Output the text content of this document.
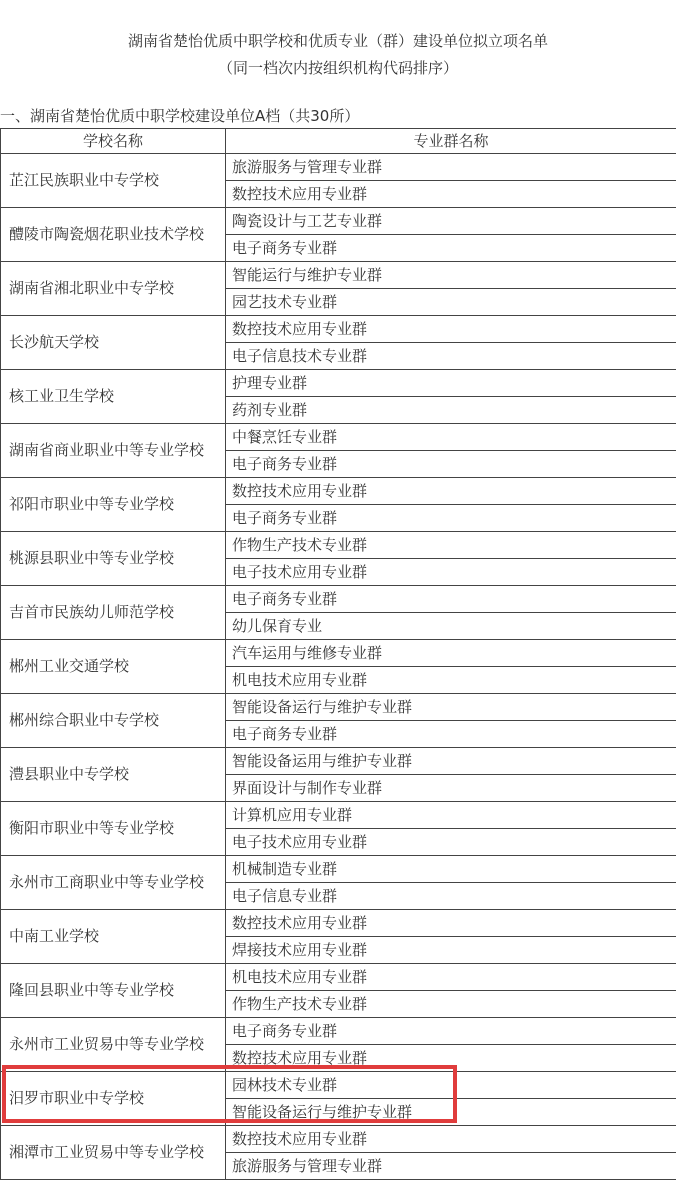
湖南省楚怡优质中职学校和优质专业（群）建设单位拟立项名单
（同一档次内按组织机构代码排序）
一、湖南省楚怡优质中职学校建设单位A档（共30所）
学校名称	专业群名称
芷江民族职业中专学校	旅游服务与管理专业群
	数控技术应用专业群
醴陵市陶瓷烟花职业技术学校	陶瓷设计与工艺专业群
	电子商务专业群
湖南省湘北职业中专学校	智能运行与维护专业群
	园艺技术专业群
长沙航天学校	数控技术应用专业群
	电子信息技术专业群
核工业卫生学校	护理专业群
	药剂专业群
湖南省商业职业中等专业学校	中餐烹饪专业群
	电子商务专业群
祁阳市职业中等专业学校	数控技术应用专业群
	电子商务专业群
桃源县职业中等专业学校	作物生产技术专业群
	电子技术应用专业群
吉首市民族幼儿师范学校	电子商务专业群
	幼儿保育专业
郴州工业交通学校	汽车运用与维修专业群
	机电技术应用专业群
郴州综合职业中专学校	智能设备运行与维护专业群
	电子商务专业群
澧县职业中专学校	智能设备运用与维护专业群
	界面设计与制作专业群
衡阳市职业中等专业学校	计算机应用专业群
	电子技术应用专业群
永州市工商职业中等专业学校	机械制造专业群
	电子信息专业群
中南工业学校	数控技术应用专业群
	焊接技术应用专业群
隆回县职业中等专业学校	机电技术应用专业群
	作物生产技术专业群
永州市工业贸易中等专业学校	电子商务专业群
	数控技术应用专业群
汨罗市职业中专学校	园林技术专业群
	智能设备运行与维护专业群
湘潭市工业贸易中等专业学校	数控技术应用专业群
	旅游服务与管理专业群
